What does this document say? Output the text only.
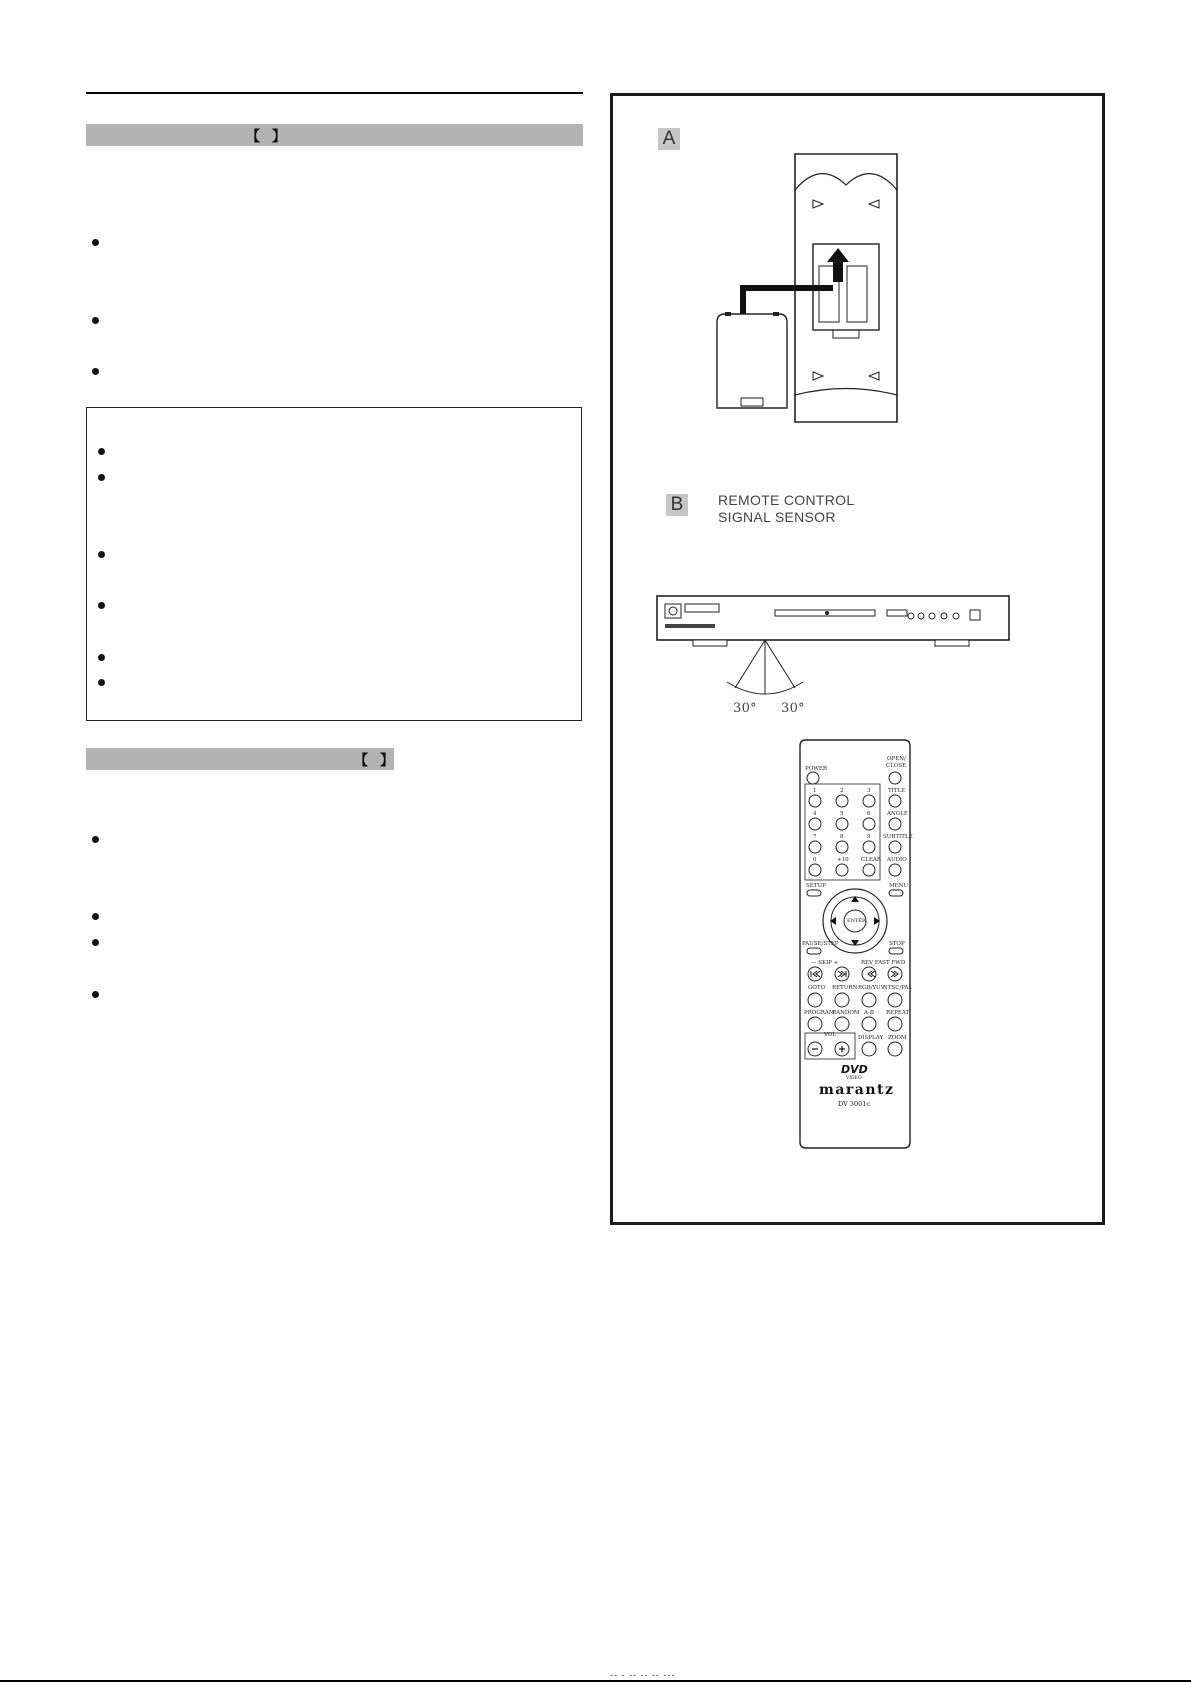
【】
【】
A
B	REMOTE CONTROL
SIGNAL SENSOR
30° 30°
POWER
OPEN/
CLOSE
1	2	3	TITLE
4	5	6	ANGLE
7	8	9 SUBTITLE
0	+10 CLEAR AUDIO
SETUP	MENU
ENTER
PAUSE/STEP	STOP
— SKIP +	REV FAST FWD
GOTO RETURN RGB/YUV
NTSC/PAL
PROGRAM
RANDOM A-B REPEAT
VOL	DISPLAY ZOOM
DVD
VIDEO
marantz
DV 3001c
-- - -- -- -- ---
